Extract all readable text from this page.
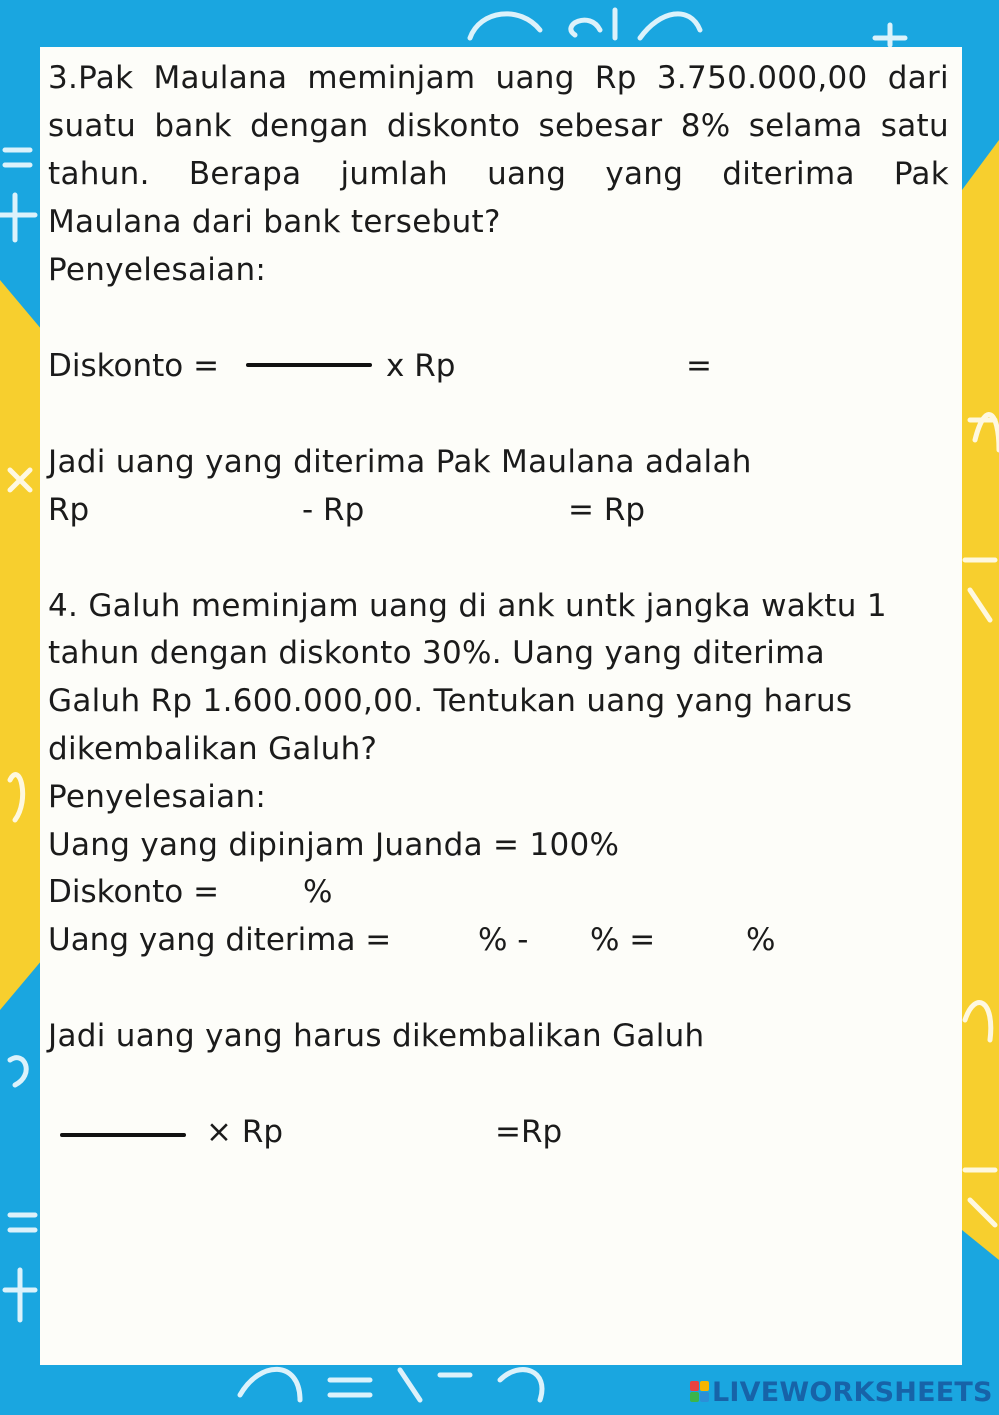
3.Pak Maulana meminjam uang Rp 3.750.000,00 dari
suatu bank dengan diskonto sebesar 8% selama satu
tahun. Berapa jumlah uang yang diterima Pak
Maulana dari bank tersebut?
Penyelesaian:
Diskonto =	x Rp	=
Jadi uang yang diterima Pak Maulana adalah
Rp	- Rp	= Rp
4. Galuh meminjam uang di ank untk jangka waktu 1
tahun dengan diskonto 30%. Uang yang diterima
Galuh Rp 1.600.000,00. Tentukan uang yang harus
dikembalikan Galuh?
Penyelesaian:
Uang yang dipinjam Juanda = 100%
Diskonto =	%
Uang yang diterima =	% - % =	%
Jadi uang yang harus dikembalikan Galuh
× Rp	=Rp
LIVEWORKSHEETS
